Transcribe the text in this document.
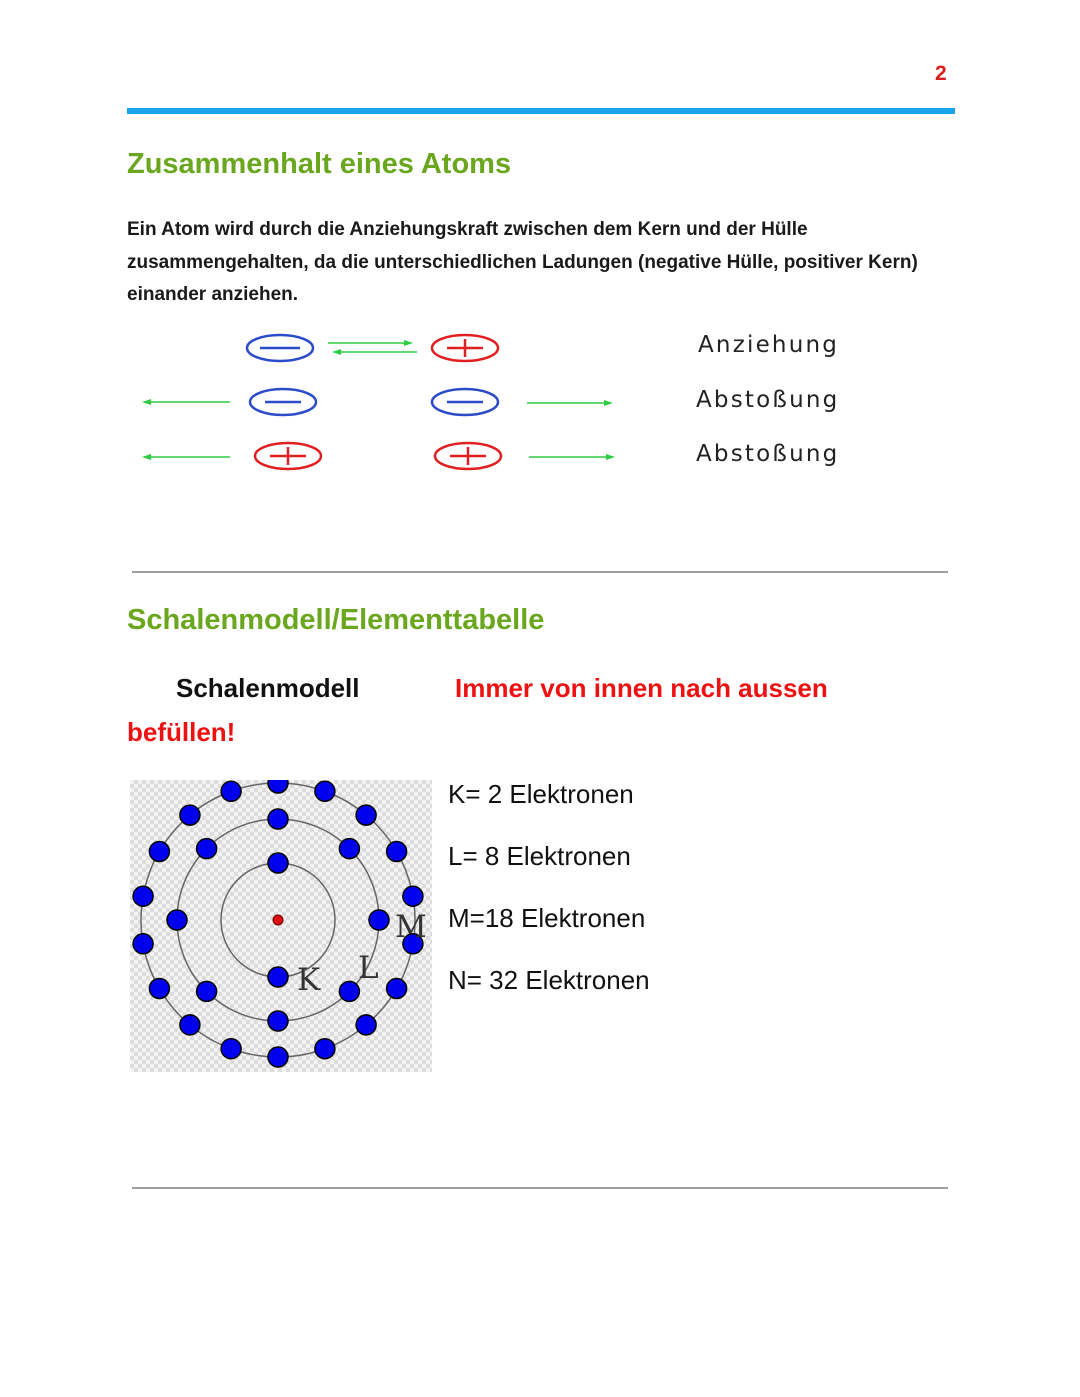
2
Zusammenhalt eines Atoms
Ein Atom wird durch die Anziehungskraft zwischen dem Kern und der Hülle zusammengehalten, da die unterschiedlichen Ladungen (negative Hülle, positiver Kern) einander anziehen.
Anziehung
Abstoßung
Abstoßung
Schalenmodell/Elementtabelle
Schalenmodell	Immer von innen nach aussen
befüllen!
K L
M
K= 2 Elektronen
L= 8 Elektronen
M=18 Elektronen
N= 32 Elektronen
